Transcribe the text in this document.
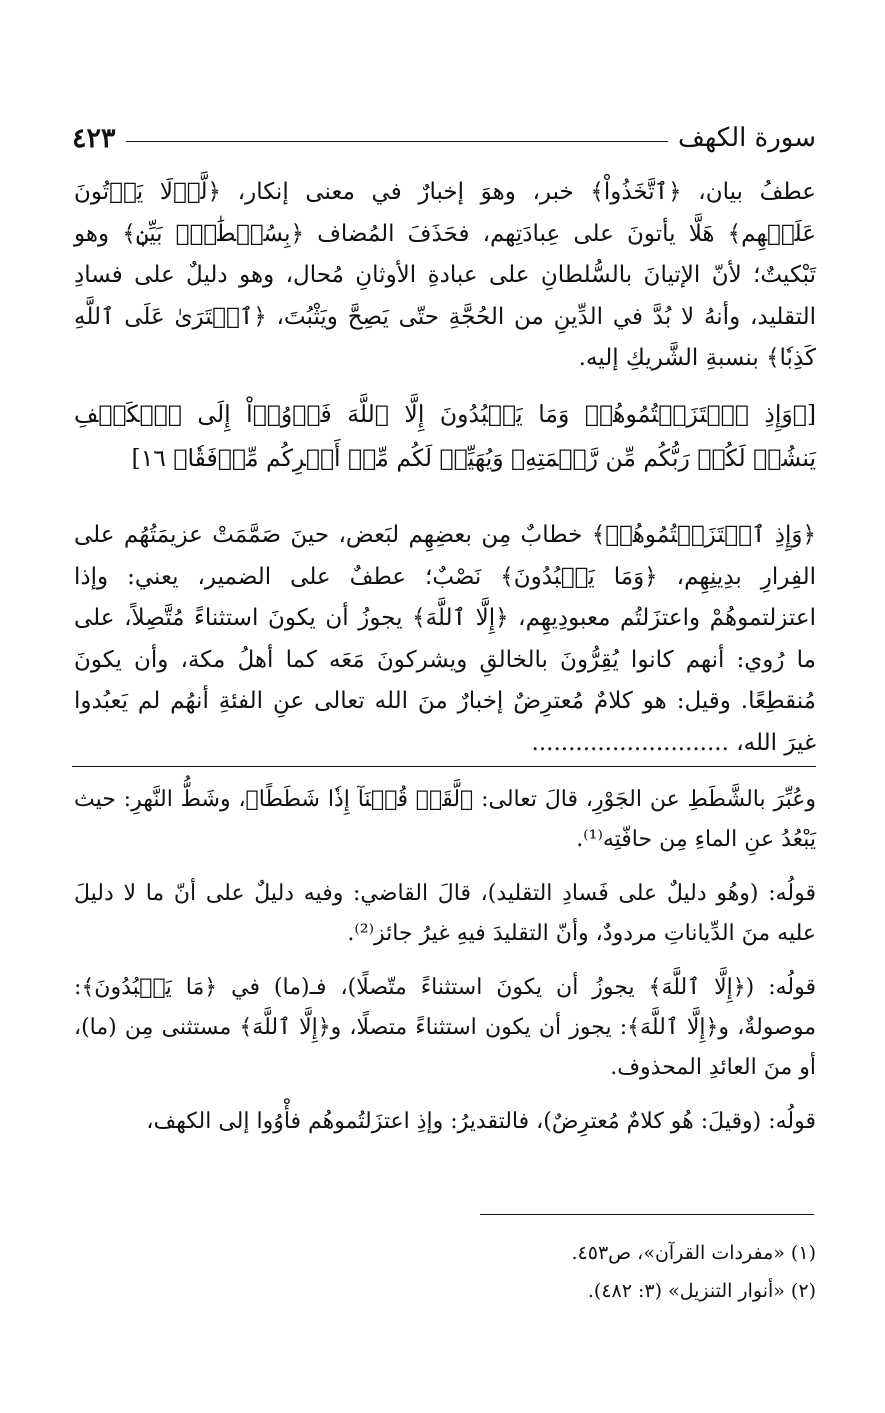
٤٢٣	سورة الكهف

عطفُ بيان، ﴿ٱتَّخَذُواْ﴾ خبر، وهوَ إخبارٌ في معنى إنكار، ﴿لَّوۡلَا يَأۡتُونَ عَلَيۡهِم﴾ هَلَّا يأتونَ على عِبادَتِهم، فحَذَفَ المُضاف ﴿بِسُلۡطَٰنِۭ بَيِّنٖ﴾ وهو تَبْكيتٌ؛ لأنّ الإتيانَ بالسُّلطانِ على عبادةِ الأوثانِ مُحال، وهو دليلٌ على فسادِ التقليد، وأنهُ لا بُدَّ في الدِّينِ من الحُجَّةِ حتّى يَصِحَّ ويَثْبُتَ، ﴿ٱفۡتَرَىٰ عَلَى ٱللَّهِ كَذِبٗا﴾ بنسبةِ الشَّريكِ إليه.

[﴿وَإِذِ ٱعۡتَزَلۡتُمُوهُمۡ وَمَا يَعۡبُدُونَ إِلَّا ٱللَّهَ فَأۡوُۥٓاْ إِلَى ٱلۡكَهۡفِ يَنشُرۡ لَكُمۡ رَبُّكُم مِّن رَّحۡمَتِهِۦ وَيُهَيِّئۡ لَكُم مِّنۡ أَمۡرِكُم مِّرۡفَقٗا﴾ ١٦]

﴿وَإِذِ ٱعۡتَزَلۡتُمُوهُمۡ﴾ خطابٌ مِن بعضِهِم لبَعض، حينَ صَمَّمَتْ عزيمَتُهُم على الفِرارِ بدِينِهِم، ﴿وَمَا يَعۡبُدُونَ﴾ نَصْبٌ؛ عطفٌ على الضمير، يعني: وإذا اعتزلتموهُمْ واعتزَلتُم معبودِيهِم، ﴿إِلَّا ٱللَّهَ﴾ يجوزُ أن يكونَ استثناءً مُتَّصِلاً، على ما رُوي: أنهم كانوا يُقِرُّونَ بالخالقِ ويشركونَ مَعَه كما أهلُ مكة، وأن يكونَ مُنقطِعًا. وقيل: هو كلامٌ مُعترِضٌ إخبارٌ منَ الله تعالى عنِ الفئةِ أنهُم لم يَعبُدوا غيرَ الله، ...........................

وعُبِّرَ بالشَّطَطِ عن الجَوْرِ، قالَ تعالى: ﴿لَّقَدۡ قُلۡنَآ إِذٗا شَطَطًا﴾، وشَطُّ النَّهرِ: حيث يَبْعُدُ عنِ الماءِ مِن حافّتِه⁽¹⁾.

قولُه: (وهُو دليلٌ على فَسادِ التقليد)، قالَ القاضي: وفيه دليلٌ على أنّ ما لا دليلَ عليه منَ الدِّياناتِ مردودٌ، وأنّ التقليدَ فيهِ غيرُ جائز⁽²⁾.

قولُه: (﴿إِلَّا ٱللَّهَ﴾ يجوزُ أن يكونَ استثناءً متّصلًا)، فـ(ما) في ﴿مَا يَعۡبُدُونَ﴾: موصولةٌ، و﴿إِلَّا ٱللَّهَ﴾: يجوز أن يكون استثناءً متصلًا، و﴿إِلَّا ٱللَّهَ﴾ مستثنى مِن (ما)، أو منَ العائدِ المحذوف.

قولُه: (وقيلَ: هُو كلامٌ مُعترِضٌ)، فالتقديرُ: وإذِ اعتزَلتُموهُم فأْوُوا إلى الكهف،

(١) «مفردات القرآن»، ص٤٥٣.

(٢) «أنوار التنزيل» (٣: ٤٨٢).
